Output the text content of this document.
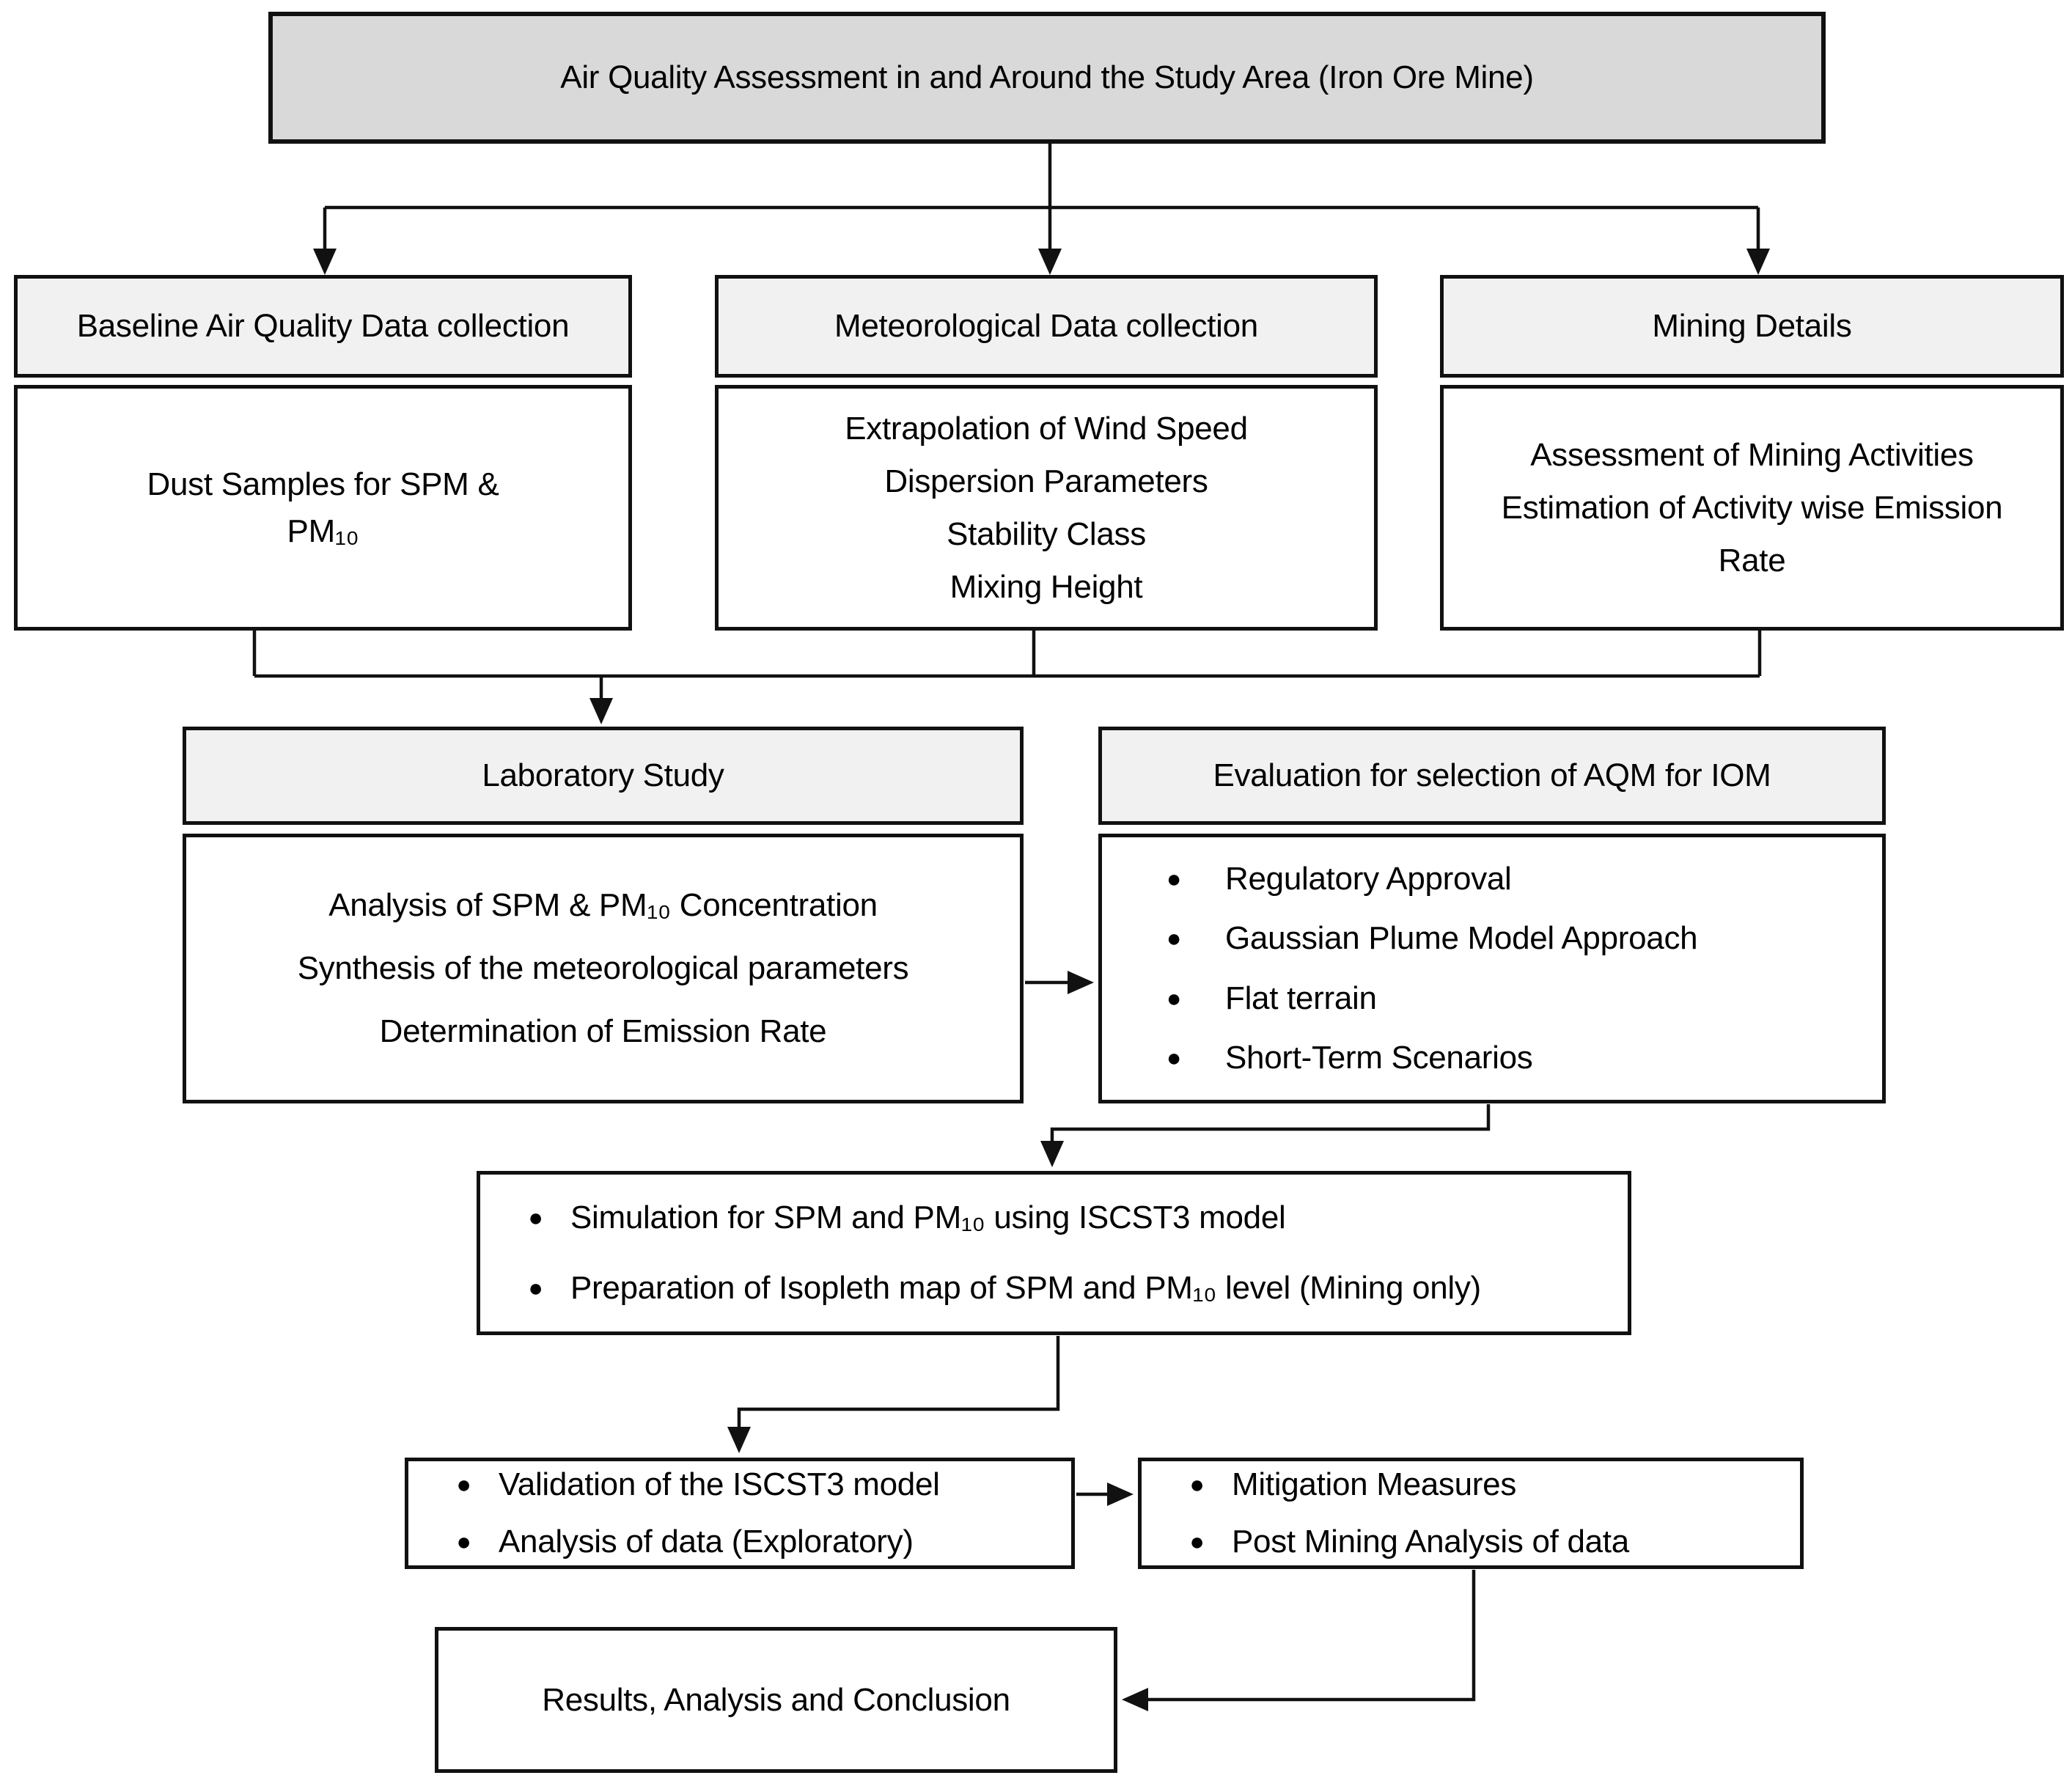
Air Quality Assessment in and Around the Study Area (Iron Ore Mine)
Baseline Air Quality Data collection
Dust Samples for SPM &
PM₁₀
Meteorological Data collection
Extrapolation of Wind Speed
Dispersion Parameters
Stability Class
Mixing Height
Mining Details
Assessment of Mining Activities
Estimation of Activity wise Emission Rate
Laboratory Study
Analysis of SPM & PM₁₀ Concentration
Synthesis of the meteorological parameters
Determination of Emission Rate
Evaluation for selection of AQM for IOM
●	Regulatory Approval
●	Gaussian Plume Model Approach
●	Flat terrain
●	Short-Term Scenarios
● Simulation for SPM and PM₁₀ using ISCST3 model
● Preparation of Isopleth map of SPM and PM₁₀ level (Mining only)
● Validation of the ISCST3 model
● Analysis of data (Exploratory)
● Mitigation Measures
● Post Mining Analysis of data
Results, Analysis and Conclusion
